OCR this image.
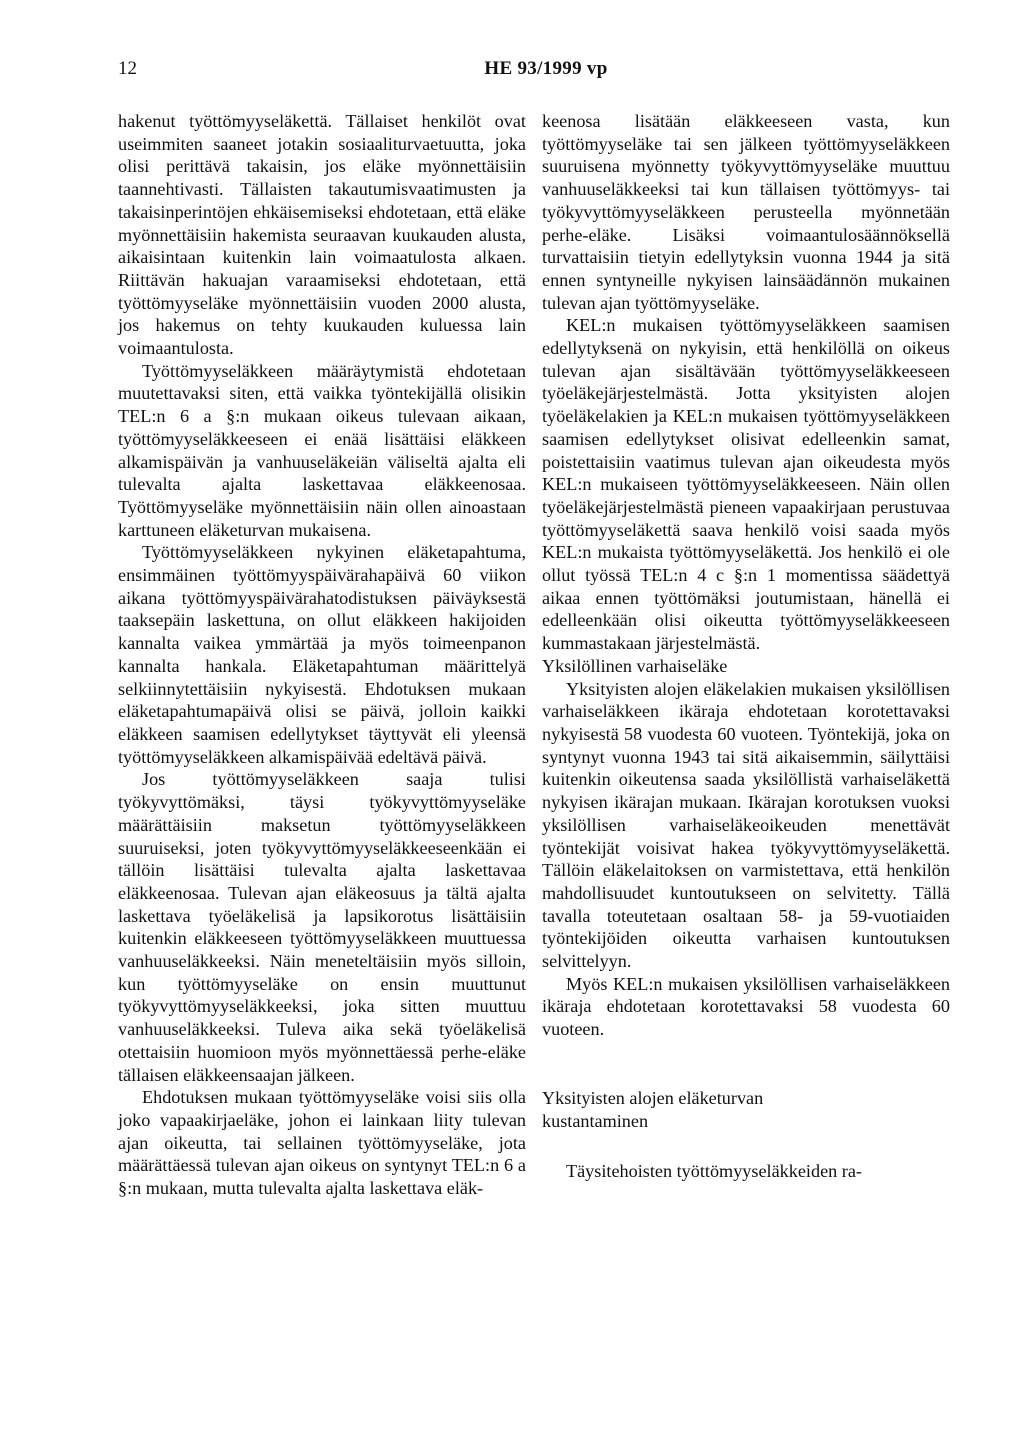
12	HE 93/1999 vp

hakenut työttömyyseläkettä. Tällaiset henkilöt ovat useimmiten saaneet jotakin sosiaaliturvaetuutta, joka olisi perittävä takaisin, jos eläke myönnettäisiin taannehtivasti. Tällaisten takautumisvaatimusten ja takaisinperintöjen ehkäisemiseksi ehdotetaan, että eläke myönnettäisiin hakemista seuraavan kuukauden alusta, aikaisintaan kuitenkin lain voimaatulosta alkaen. Riittävän hakuajan varaamiseksi ehdotetaan, että työttömyyseläke myönnettäisiin vuoden 2000 alusta, jos hakemus on tehty kuukauden kuluessa lain voimaantulosta.

Työttömyyseläkkeen määräytymistä ehdotetaan muutettavaksi siten, että vaikka työntekijällä olisikin TEL:n 6 a §:n mukaan oikeus tulevaan aikaan, työttömyyseläkkeeseen ei enää lisättäisi eläkkeen alkamispäivän ja vanhuuseläkeiän väliseltä ajalta eli tulevalta ajalta laskettavaa eläkkeenosaa. Työttömyyseläke myönnettäisiin näin ollen ainoastaan karttuneen eläketurvan mukaisena.

Työttömyyseläkkeen nykyinen eläketapahtuma, ensimmäinen työttömyyspäivärahapäivä 60 viikon aikana työttömyyspäivärahatodistuksen päiväyksestä taaksepäin laskettuna, on ollut eläkkeen hakijoiden kannalta vaikea ymmärtää ja myös toimeenpanon kannalta hankala. Eläketapahtuman määrittelyä selkiinnytettäisiin nykyisestä. Ehdotuksen mukaan eläketapahtumapäivä olisi se päivä, jolloin kaikki eläkkeen saamisen edellytykset täyttyvät eli yleensä työttömyyseläkkeen alkamispäivää edeltävä päivä.

Jos työttömyyseläkkeen saaja tulisi työkyvyttömäksi, täysi työkyvyttömyyseläke määrättäisiin maksetun työttömyyseläkkeen suuruiseksi, joten työkyvyttömyyseläkkeeseenkään ei tällöin lisättäisi tulevalta ajalta laskettavaa eläkkeenosaa. Tulevan ajan eläkeosuus ja tältä ajalta laskettava työeläkelisä ja lapsikorotus lisättäisiin kuitenkin eläkkeeseen työttömyyseläkkeen muuttuessa vanhuuseläkkeeksi. Näin meneteltäisiin myös silloin, kun työttömyyseläke on ensin muuttunut työkyvyttömyyseläkkeeksi, joka sitten muuttuu vanhuuseläkkeeksi. Tuleva aika sekä työeläkelisä otettaisiin huomioon myös myönnettäessä perhe-eläke tällaisen eläkkeensaajan jälkeen.

Ehdotuksen mukaan työttömyyseläke voisi siis olla joko vapaakirjaeläke, johon ei lainkaan liity tulevan ajan oikeutta, tai sellainen työttömyyseläke, jota määrättäessä tulevan ajan oikeus on syntynyt TEL:n 6 a §:n mukaan, mutta tulevalta ajalta laskettava eläk-

keenosa lisätään eläkkeeseen vasta, kun työttömyyseläke tai sen jälkeen työttömyyseläkkeen suuruisena myönnetty työkyvyttömyyseläke muuttuu vanhuuseläkkeeksi tai kun tällaisen työttömyys- tai työkyvyttömyyseläkkeen perusteella myönnetään perhe-eläke. Lisäksi voimaantulosäännöksellä turvattaisiin tietyin edellytyksin vuonna 1944 ja sitä ennen syntyneille nykyisen lainsäädännön mukainen tulevan ajan työttömyyseläke.

KEL:n mukaisen työttömyyseläkkeen saamisen edellytyksenä on nykyisin, että henkilöllä on oikeus tulevan ajan sisältävään työttömyyseläkkeeseen työeläkejärjestelmästä. Jotta yksityisten alojen työeläkelakien ja KEL:n mukaisen työttömyyseläkkeen saamisen edellytykset olisivat edelleenkin samat, poistettaisiin vaatimus tulevan ajan oikeudesta myös KEL:n mukaiseen työttömyyseläkkeeseen. Näin ollen työeläkejärjestelmästä pieneen vapaakirjaan perustuvaa työttömyyseläkettä saava henkilö voisi saada myös KEL:n mukaista työttömyyseläkettä. Jos henkilö ei ole ollut työssä TEL:n 4 c §:n 1 momentissa säädettyä aikaa ennen työttömäksi joutumistaan, hänellä ei edelleenkään olisi oikeutta työttömyyseläkkeeseen kummastakaan järjestelmästä.

Yksilöllinen varhaiseläke

Yksityisten alojen eläkelakien mukaisen yksilöllisen varhaiseläkkeen ikäraja ehdotetaan korotettavaksi nykyisestä 58 vuodesta 60 vuoteen. Työntekijä, joka on syntynyt vuonna 1943 tai sitä aikaisemmin, säilyttäisi kuitenkin oikeutensa saada yksilöllistä varhaiseläkettä nykyisen ikärajan mukaan. Ikärajan korotuksen vuoksi yksilöllisen varhaiseläkeoikeuden menettävät työntekijät voisivat hakea työkyvyttömyyseläkettä. Tällöin eläkelaitoksen on varmistettava, että henkilön mahdollisuudet kuntoutukseen on selvitetty. Tällä tavalla toteutetaan osaltaan 58- ja 59-vuotiaiden työntekijöiden oikeutta varhaisen kuntoutuksen selvittelyyn.

Myös KEL:n mukaisen yksilöllisen varhaiseläkkeen ikäraja ehdotetaan korotettavaksi 58 vuodesta 60 vuoteen.

Yksityisten alojen eläketurvan
kustantaminen

Täysitehoisten työttömyyseläkkeiden ra-
